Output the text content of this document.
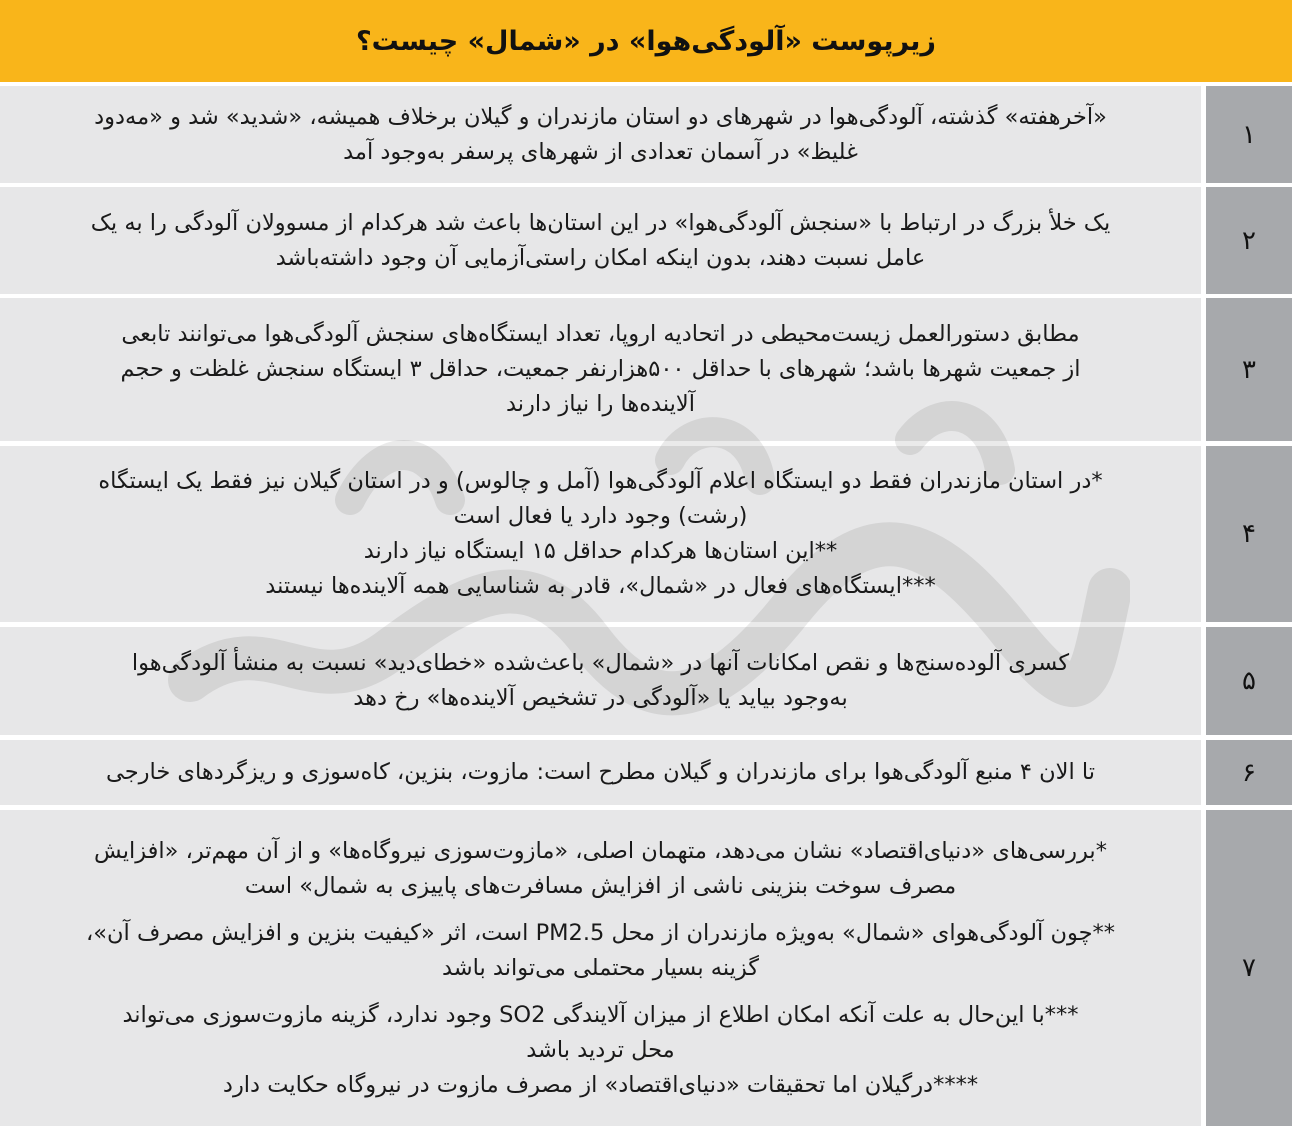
زیرپوست «آلودگی‌هوا» در «شمال» چیست؟
«آخرهفته» گذشته، آلودگی‌هوا در شهرهای دو استان مازندران و گیلان برخلاف همیشه، «شدید» شد و «مه‌دود
غلیظ» در آسمان تعدادی از شهرهای پرسفر به‌وجود آمد
۱
یک خلأ بزرگ در ارتباط با «سنجش آلودگی‌هوا» در این استان‌ها باعث شد هرکدام از مسوولان آلودگی را به یک
عامل نسبت دهند، بدون اینکه امکان راستی‌آزمایی آن وجود داشته‌باشد
۲
مطابق دستورالعمل زیست‌محیطی در اتحادیه اروپا، تعداد ایستگاه‌های سنجش آلودگی‌هوا می‌توانند تابعی
از جمعیت شهرها باشد؛ شهرهای با حداقل ۵۰۰هزارنفر جمعیت، حداقل ۳ ایستگاه سنجش غلظت و حجم
آلاینده‌ها را نیاز دارند
۳
*در استان مازندران فقط دو ایستگاه اعلام آلودگی‌هوا (آمل و چالوس) و در استان گیلان نیز فقط یک ایستگاه
(رشت) وجود دارد یا فعال است
**این استان‌ها هرکدام حداقل ۱۵ ایستگاه نیاز دارند
***ایستگاه‌های فعال در «شمال»، قادر به شناسایی همه آلاینده‌ها نیستند
۴
کسری آلوده‌سنج‌ها و نقص امکانات آنها در «شمال» باعث‌شده «خطای‌دید» نسبت به منشأ آلودگی‌هوا
به‌وجود بیاید یا «آلودگی در تشخیص آلاینده‌ها» رخ دهد
۵
تا الان ۴ منبع آلودگی‌هوا برای مازندران و گیلان مطرح است: مازوت، بنزین، کاه‌سوزی و ریزگردهای خارجی	۶
*بررسی‌های «دنیای‌اقتصاد» نشان می‌دهد، متهمان اصلی، «مازوت‌سوزی نیروگاه‌ها» و از آن مهم‌تر، «افزایش
مصرف سوخت بنزینی ناشی از افزایش مسافرت‌های پاییزی به شمال» است
**چون آلودگی‌هوای «شمال» به‌ویژه مازندران از محل PM2.5 است، اثر «کیفیت بنزین و افزایش مصرف آن»،
گزینه بسیار محتملی می‌تواند باشد
***با این‌حال به علت آنکه امکان اطلاع از میزان آلایندگی SO2 وجود ندارد، گزینه مازوت‌سوزی می‌تواند
محل تردید باشد
****درگیلان اما تحقیقات «دنیای‌اقتصاد» از مصرف مازوت در نیروگاه حکایت دارد
۷
